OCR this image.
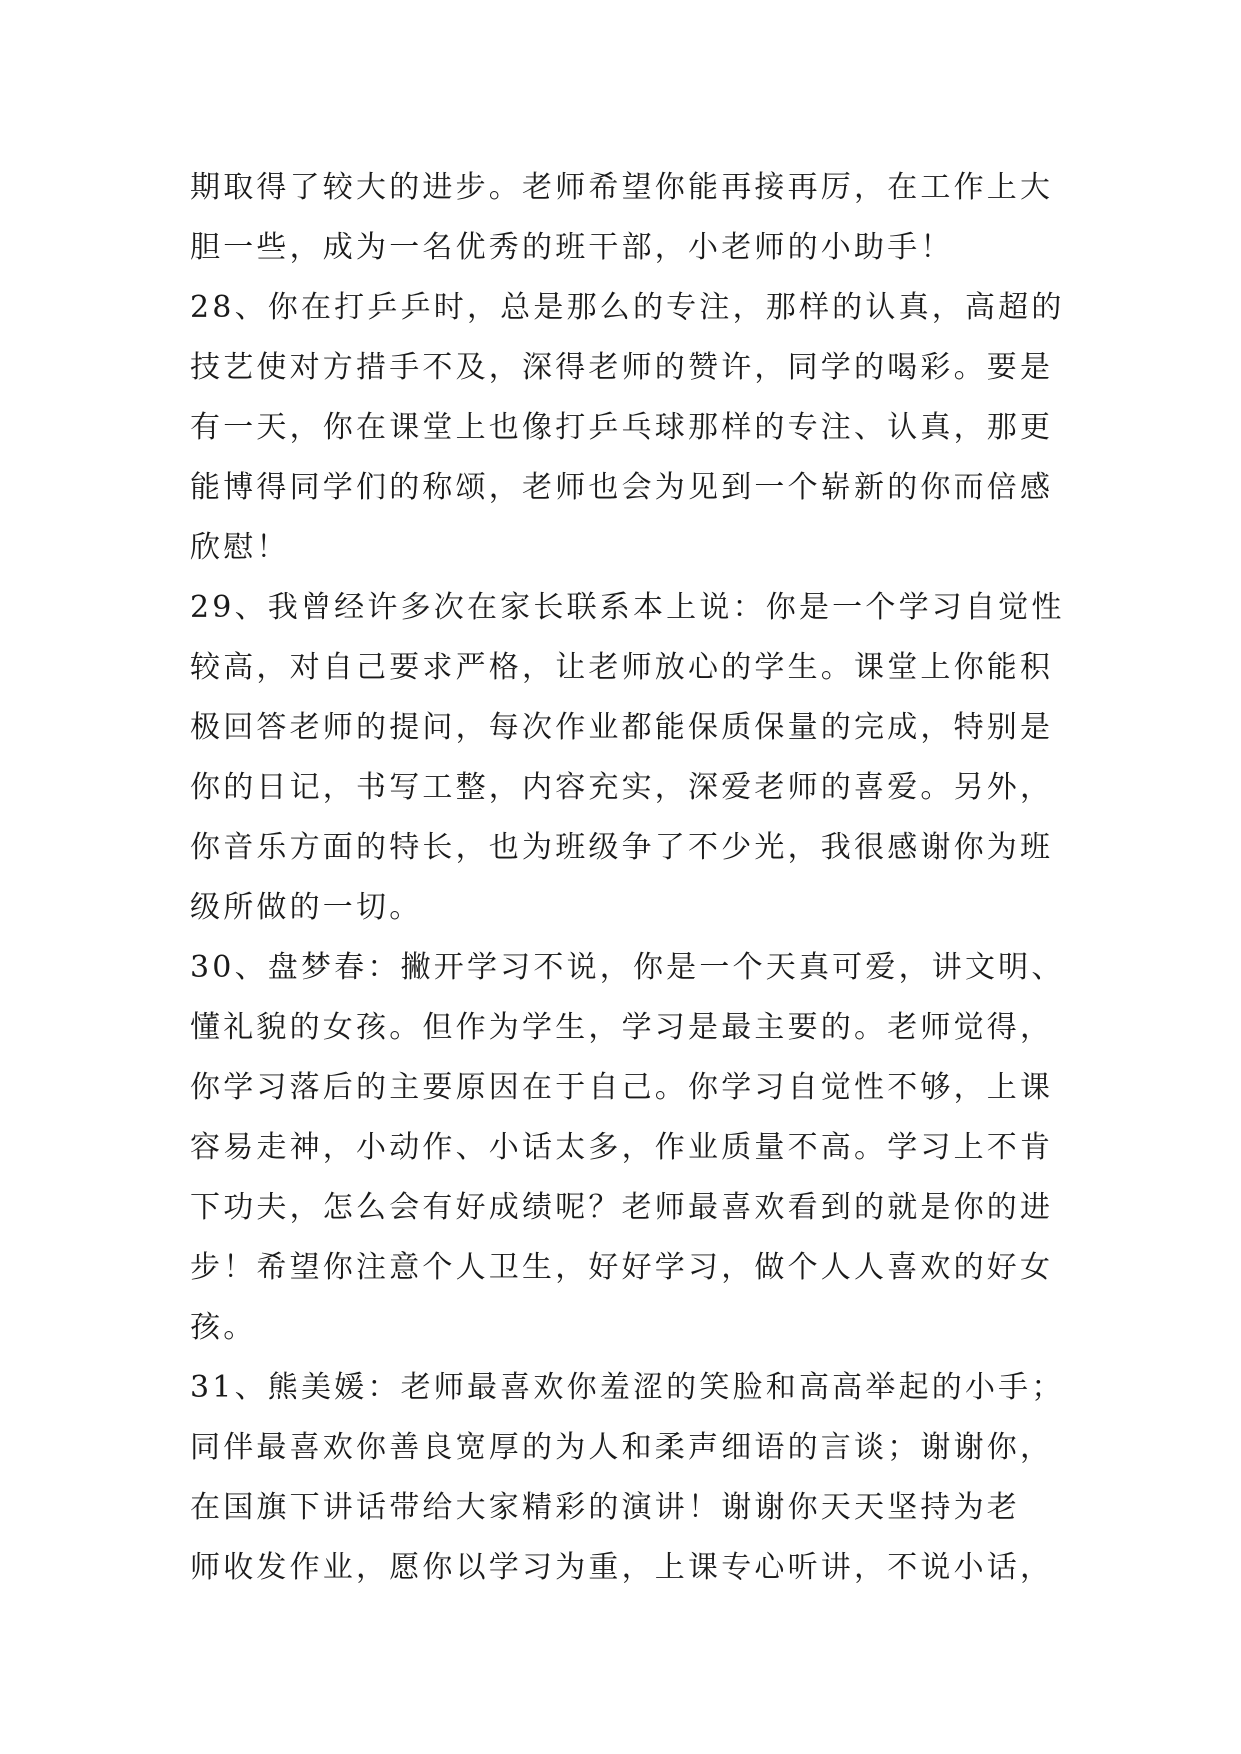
期取得了较大的进步。老师希望你能再接再厉，在工作上大
胆一些，成为一名优秀的班干部，小老师的小助手！
28、你在打乒乒时，总是那么的专注，那样的认真，高超的
技艺使对方措手不及，深得老师的赞许，同学的喝彩。要是
有一天，你在课堂上也像打乒乓球那样的专注、认真，那更
能博得同学们的称颂，老师也会为见到一个崭新的你而倍感
欣慰！
29、我曾经许多次在家长联系本上说：你是一个学习自觉性
较高，对自己要求严格，让老师放心的学生。课堂上你能积
极回答老师的提问，每次作业都能保质保量的完成，特别是
你的日记，书写工整，内容充实，深爱老师的喜爱。另外，
你音乐方面的特长，也为班级争了不少光，我很感谢你为班
级所做的一切。
30、盘梦春：撇开学习不说，你是一个天真可爱，讲文明、
懂礼貌的女孩。但作为学生，学习是最主要的。老师觉得，
你学习落后的主要原因在于自己。你学习自觉性不够，上课
容易走神，小动作、小话太多，作业质量不高。学习上不肯
下功夫，怎么会有好成绩呢？老师最喜欢看到的就是你的进
步！希望你注意个人卫生，好好学习，做个人人喜欢的好女
孩。
31、熊美媛：老师最喜欢你羞涩的笑脸和高高举起的小手；
同伴最喜欢你善良宽厚的为人和柔声细语的言谈；谢谢你，
在国旗下讲话带给大家精彩的演讲！谢谢你天天坚持为老
师收发作业，愿你以学习为重，上课专心听讲，不说小话，
